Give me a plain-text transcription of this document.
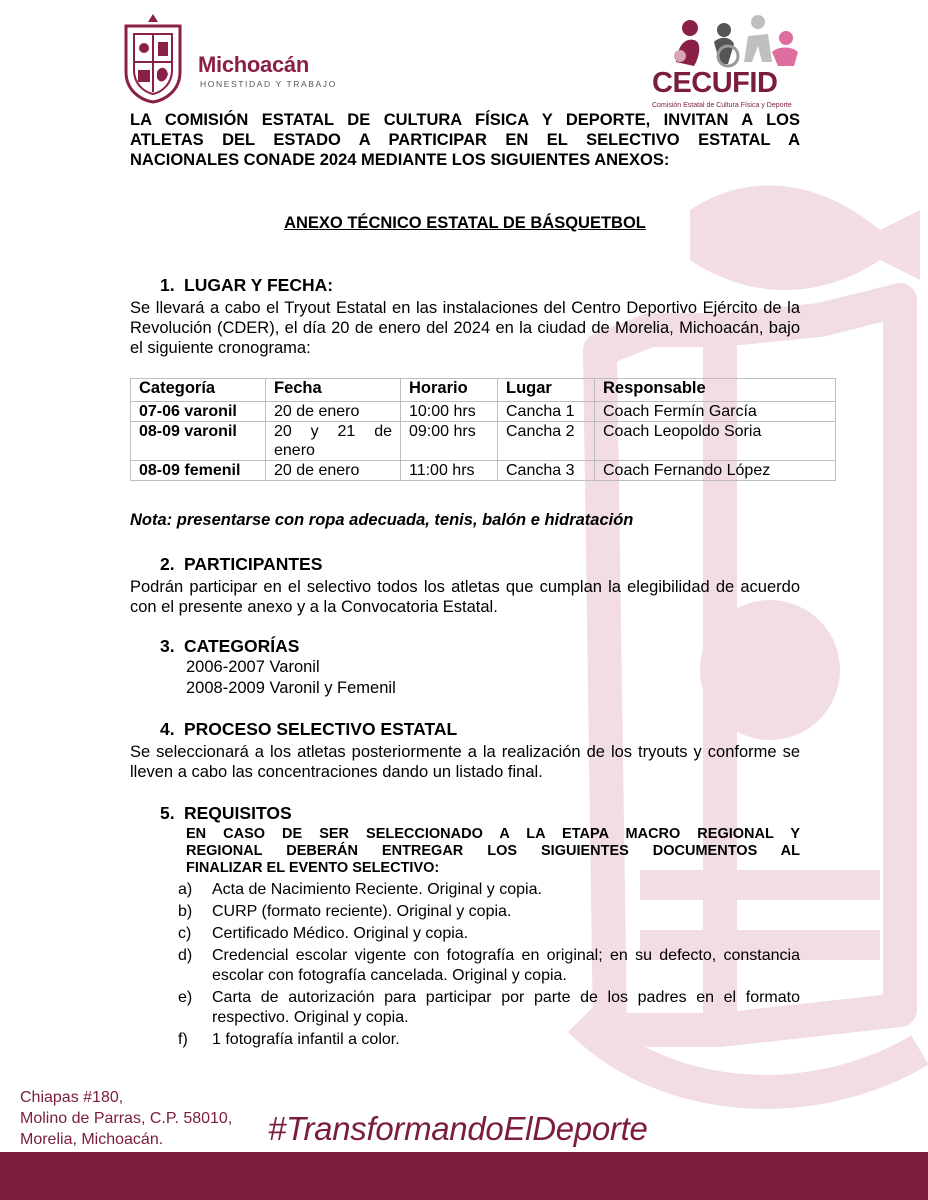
Michoacán
HONESTIDAD Y TRABAJO	CECUFID
Comisión Estatal de Cultura Física y Deporte
LA COMISIÓN ESTATAL DE CULTURA FÍSICA Y DEPORTE, INVITAN A LOS
ATLETAS DEL ESTADO A PARTICIPAR EN EL SELECTIVO ESTATAL A
NACIONALES CONADE 2024 MEDIANTE LOS SIGUIENTES ANEXOS:
ANEXO TÉCNICO ESTATAL DE BÁSQUETBOL
1. LUGAR Y FECHA:
Se llevará a cabo el Tryout Estatal en las instalaciones del Centro Deportivo Ejército de la Revolución (CDER), el día 20 de enero del 2024 en la ciudad de Morelia, Michoacán, bajo el siguiente cronograma:
Categoría	Fecha	Horario	Lugar	Responsable
07-06 varonil	20 de enero	10:00 hrs	Cancha 1	Coach Fermín García
08-09 varonil	20 y 21 de enero	09:00 hrs	Cancha 2	Coach Leopoldo Soria
08-09 femenil	20 de enero	11:00 hrs	Cancha 3	Coach Fernando López
Nota: presentarse con ropa adecuada, tenis, balón e hidratación
2. PARTICIPANTES
Podrán participar en el selectivo todos los atletas que cumplan la elegibilidad de acuerdo con el presente anexo y a la Convocatoria Estatal.
3. CATEGORÍAS
2006-2007 Varonil
2008-2009 Varonil y Femenil
4. PROCESO SELECTIVO ESTATAL
Se seleccionará a los atletas posteriormente a la realización de los tryouts y conforme se lleven a cabo las concentraciones dando un listado final.
5. REQUISITOS
EN CASO DE SER SELECCIONADO A LA ETAPA MACRO REGIONAL Y
REGIONAL DEBERÁN ENTREGAR LOS SIGUIENTES DOCUMENTOS AL
FINALIZAR EL EVENTO SELECTIVO:
a) Acta de Nacimiento Reciente. Original y copia.
b) CURP (formato reciente). Original y copia.
c) Certificado Médico. Original y copia.
d) Credencial escolar vigente con fotografía en original; en su defecto, constancia escolar con fotografía cancelada. Original y copia.
e) Carta de autorización para participar por parte de los padres en el formato respectivo. Original y copia.
f) 1 fotografía infantil a color.
Chiapas #180,
Molino de Parras, C.P. 58010,
Morelia, Michoacán.	#TransformandoElDeporte
